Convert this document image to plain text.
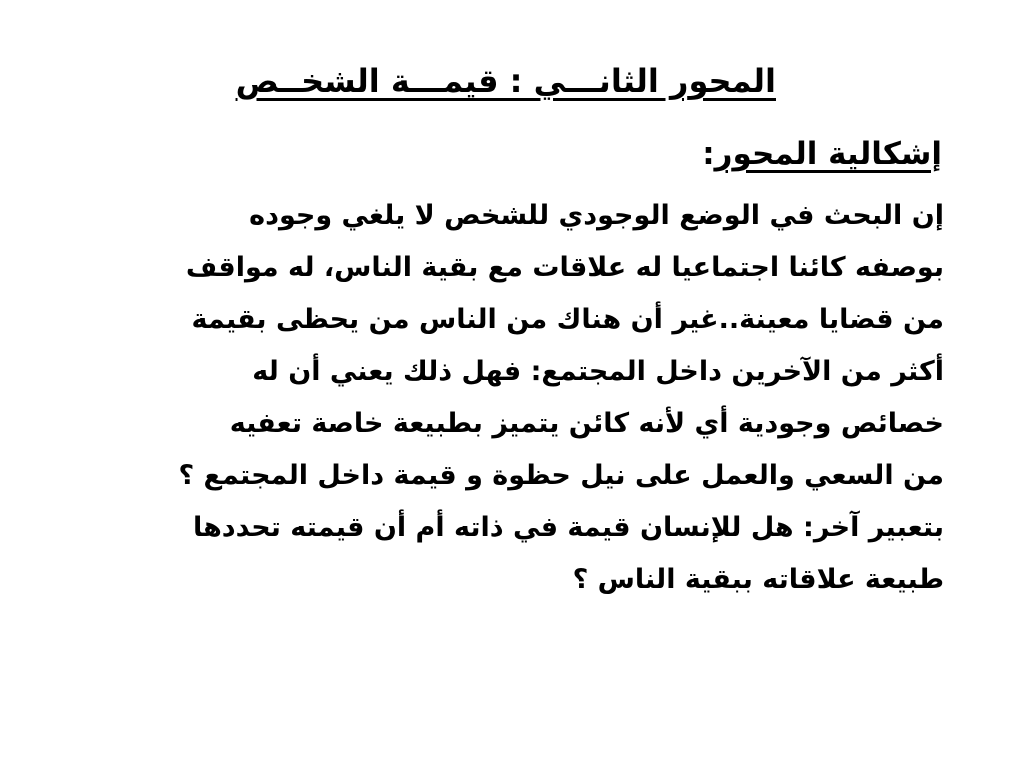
المحور الثانـــي : قيمـــة الشخــص
إشكالية المحور:
إن البحث في الوضع الوجودي للشخص لا يلغي وجوده
بوصفه كائنا اجتماعيا له علاقات مع بقية الناس، له مواقف
من قضايا معينة..غير أن هناك من الناس من يحظى بقيمة
أكثر من الآخرين داخل المجتمع: فهل ذلك يعني أن له
خصائص وجودية أي لأنه كائن يتميز بطبيعة خاصة تعفيه
من السعي والعمل على نيل حظوة و قيمة داخل المجتمع ؟
بتعبير آخر: هل للإنسان قيمة في ذاته أم أن قيمته تحددها
طبيعة علاقاته ببقية الناس ؟
